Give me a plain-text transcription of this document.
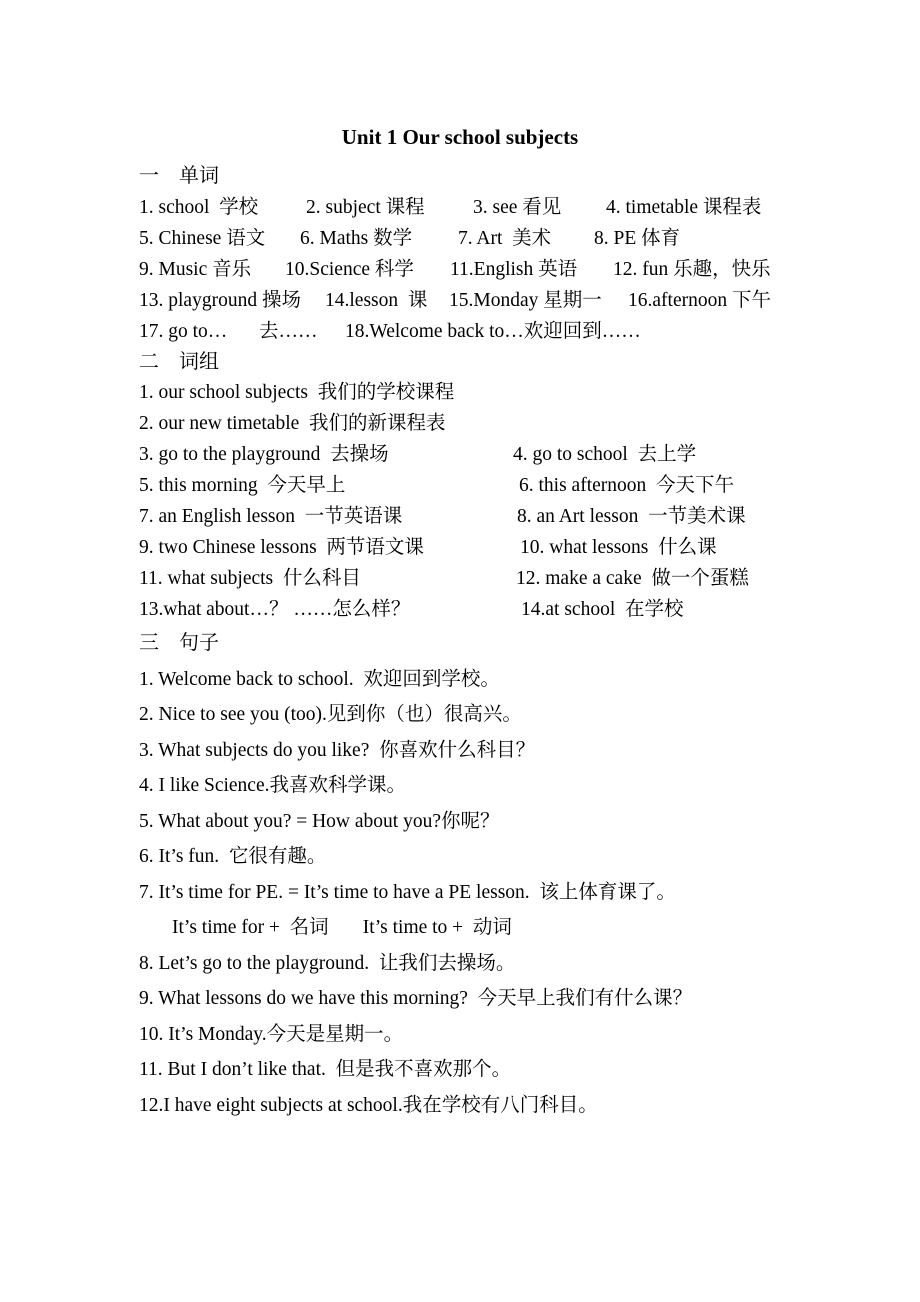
Unit 1 Our school subjects
一    单词
1. school  学校 2. subject 课程 3. see 看见 4. timetable 课程表
5. Chinese 语文 6. Maths 数学 7. Art  美术 8. PE 体育
9. Music 音乐 10.Science 科学 11.English 英语 12. fun 乐趣，快乐
13. playground 操场 14.lesson  课 15.Monday 星期一 16.afternoon 下午
17. go to… 去…… 18.Welcome back to…欢迎回到……
二    词组
1. our school subjects  我们的学校课程
2. our new timetable  我们的新课程表
3. go to the playground  去操场	4. go to school  去上学
5. this morning  今天早上	6. this afternoon  今天下午
7. an English lesson  一节英语课	8. an Art lesson  一节美术课
9. two Chinese lessons  两节语文课	10. what lessons  什么课
11. what subjects  什么科目	12. make a cake  做一个蛋糕
13.what about…？ ……怎么样？	14.at school  在学校
三    句子
1. Welcome back to school.  欢迎回到学校。
2. Nice to see you (too).见到你（也）很高兴。
3. What subjects do you like?  你喜欢什么科目？
4. I like Science.我喜欢科学课。
5. What about you? = How about you?你呢？
6. It’s fun.  它很有趣。
7. It’s time for PE. = It’s time to have a PE lesson.  该上体育课了。
It’s time for +  名词       It’s time to +  动词
8. Let’s go to the playground.  让我们去操场。
9. What lessons do we have this morning?  今天早上我们有什么课？
10. It’s Monday.今天是星期一。
11. But I don’t like that.  但是我不喜欢那个。
12.I have eight subjects at school.我在学校有八门科目。
